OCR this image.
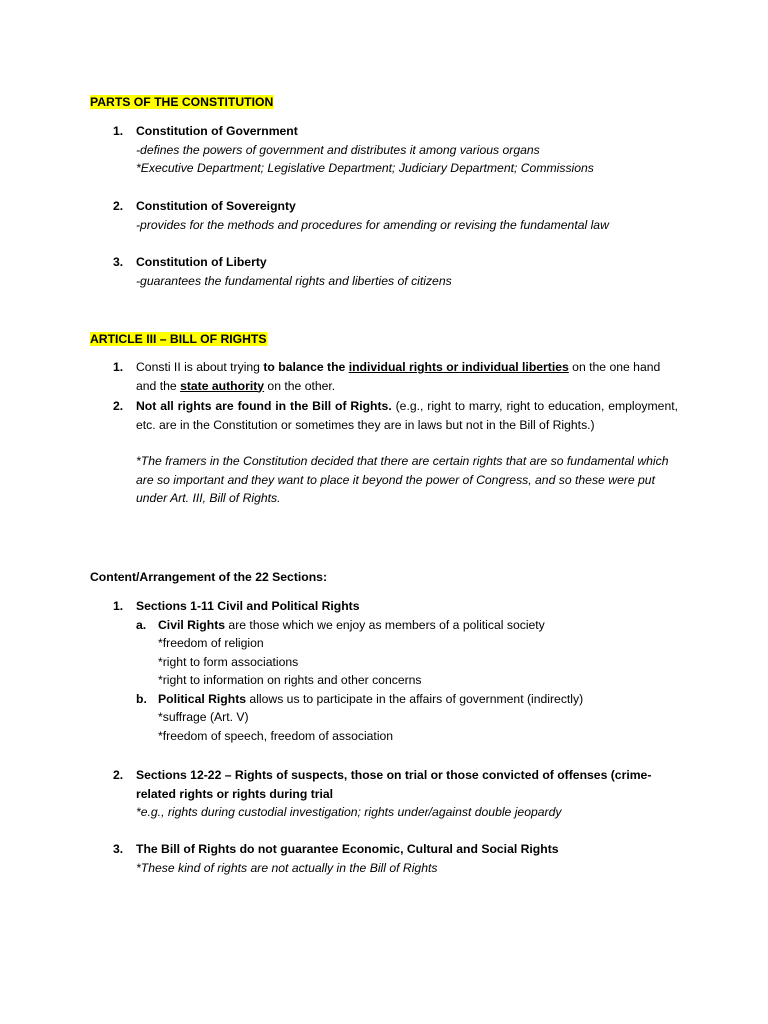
PARTS OF THE CONSTITUTION
1. Constitution of Government

-defines the powers of government and distributes it among various organs

*Executive Department; Legislative Department; Judiciary Department; Commissions

2. Constitution of Sovereignty

-provides for the methods and procedures for amending or revising the fundamental law

3. Constitution of Liberty

-guarantees the fundamental rights and liberties of citizens

ARTICLE III – BILL OF RIGHTS
1. Consti II is about trying to balance the individual rights or individual liberties on the one hand and the state authority on the other.

2. Not all rights are found in the Bill of Rights. (e.g., right to marry, right to education, employment, etc. are in the Constitution or sometimes they are in laws but not in the Bill of Rights.)

*The framers in the Constitution decided that there are certain rights that are so fundamental which are so important and they want to place it beyond the power of Congress, and so these were put under Art. III, Bill of Rights.

Content/Arrangement of the 22 Sections:
1. Sections 1-11 Civil and Political Rights

a. Civil Rights are those which we enjoy as members of a political society

*freedom of religion

*right to form associations

*right to information on rights and other concerns

b. Political Rights allows us to participate in the affairs of government (indirectly)

*suffrage (Art. V)

*freedom of speech, freedom of association

2. Sections 12-22 – Rights of suspects, those on trial or those convicted of offenses (crime-related rights or rights during trial

*e.g., rights during custodial investigation; rights under/against double jeopardy

3. The Bill of Rights do not guarantee Economic, Cultural and Social Rights

*These kind of rights are not actually in the Bill of Rights
